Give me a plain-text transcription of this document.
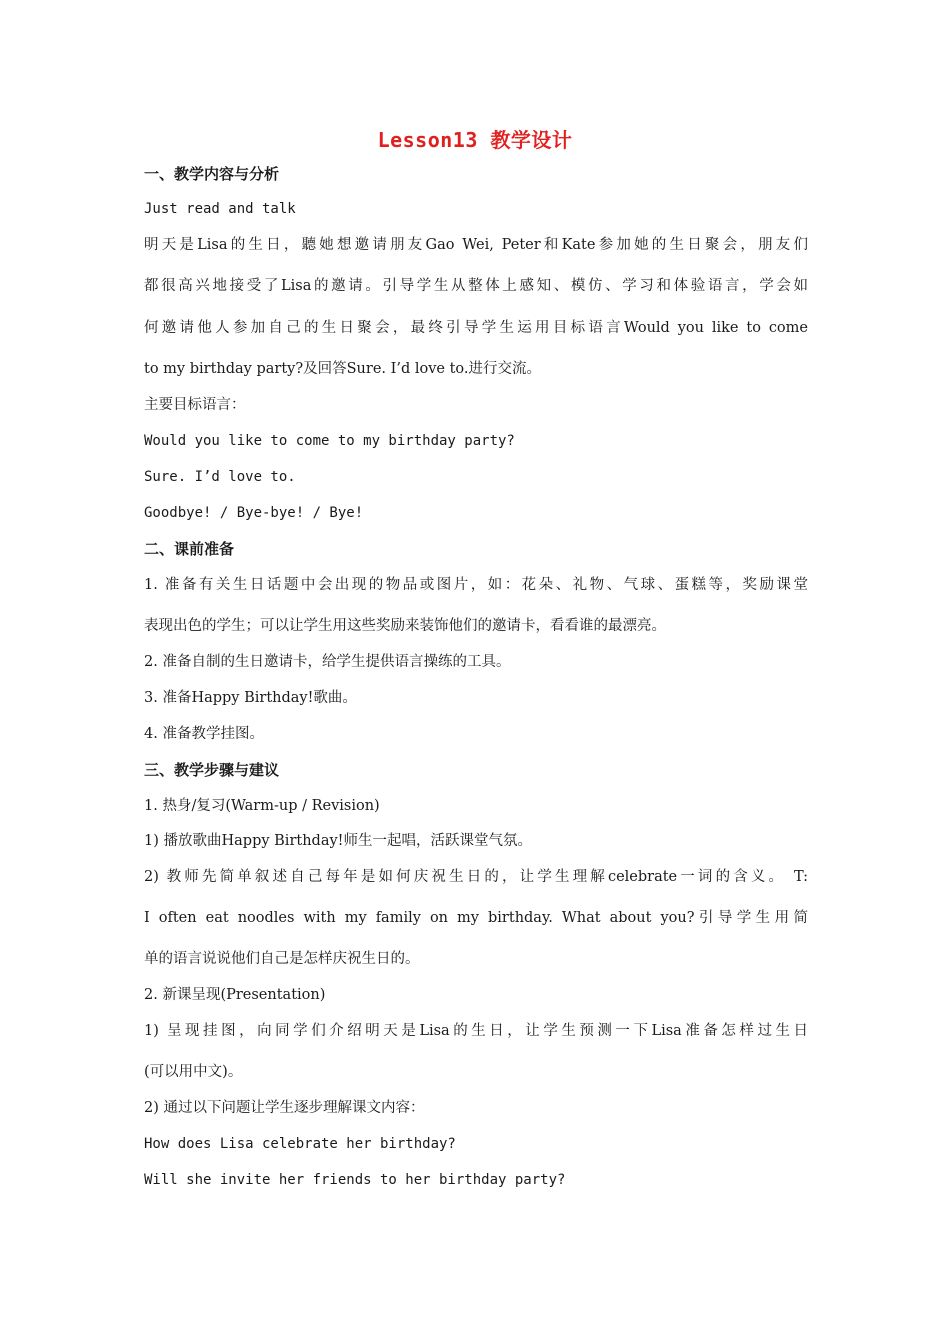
Lesson13 教学设计
一、教学内容与分析
Just read and talk
明天是Lisa的生日，聽她想邀请朋友Gao Wei, Peter和Kate参加她的生日聚会，朋友们
都很高兴地接受了Lisa的邀请。引导学生从整体上感知、模仿、学习和体验语言，学会如
何邀请他人参加自己的生日聚会，最终引导学生运用目标语言Would you like to come
to my birthday party?及回答Sure. I’d love to.进行交流。
主要目标语言：
Would you like to come to my birthday party?
Sure. I’d love to.
Goodbye! / Bye-bye! / Bye!
二、课前准备
1. 准备有关生日话题中会出现的物品或图片，如：花朵、礼物、气球、蛋糕等，奖励课堂
表现出色的学生；可以让学生用这些奖励来装饰他们的邀请卡，看看谁的最漂亮。
2. 准备自制的生日邀请卡，给学生提供语言操练的工具。
3. 准备Happy Birthday!歌曲。
4. 准备教学挂图。
三、教学步骤与建议
1. 热身/复习(Warm-up / Revision)
1) 播放歌曲Happy Birthday!师生一起唱，活跃课堂气氛。
2) 教师先简单叙述自己每年是如何庆祝生日的，让学生理解celebrate一词的含义。 T:
I often eat noodles with my family on my birthday. What about you?引导学生用简
单的语言说说他们自己是怎样庆祝生日的。
2. 新课呈现(Presentation)
1) 呈现挂图，向同学们介绍明天是Lisa的生日，让学生预测一下Lisa准备怎样过生日
(可以用中文)。
2) 通过以下问题让学生逐步理解课文内容：
How does Lisa celebrate her birthday?
Will she invite her friends to her birthday party?
